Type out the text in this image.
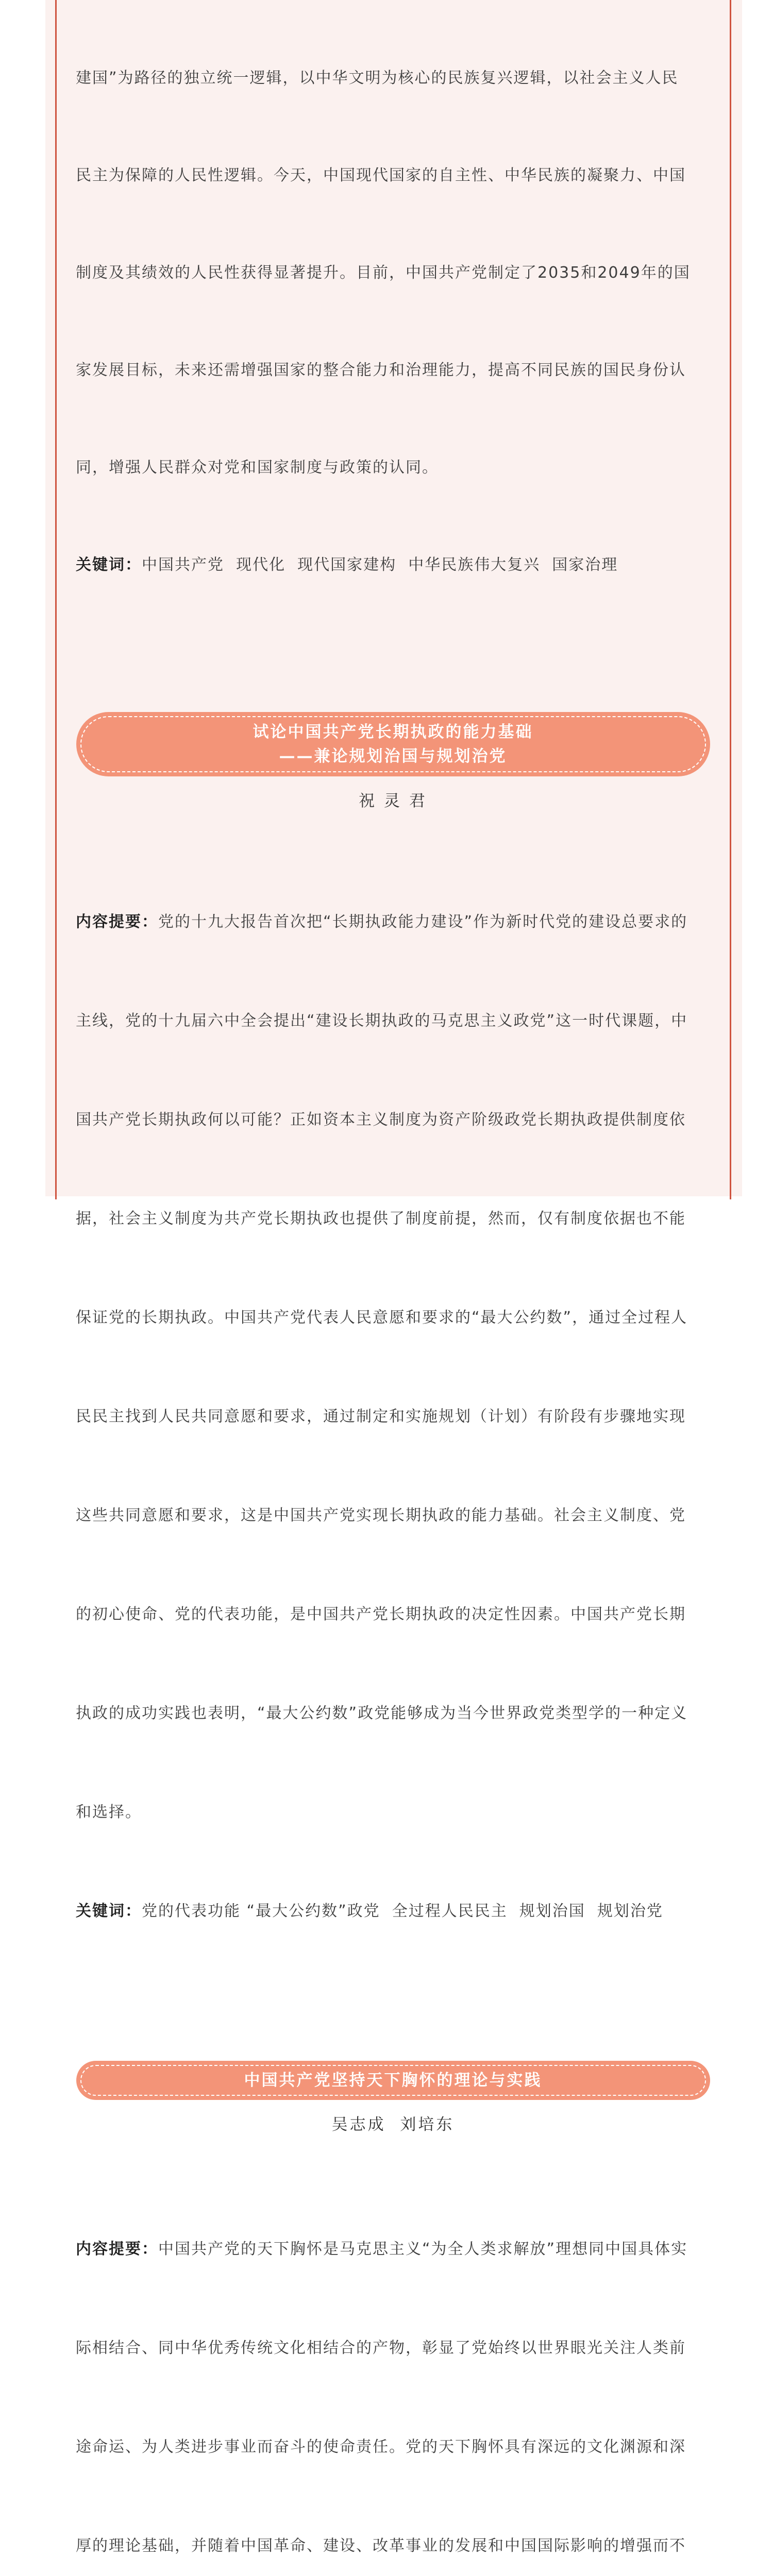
建国”为路径的独立统一逻辑，以中华文明为核心的民族复兴逻辑，以社会主义人民

民主为保障的人民性逻辑。今天，中国现代国家的自主性、中华民族的凝聚力、中国

制度及其绩效的人民性获得显著提升。目前，中国共产党制定了2035和2049年的国

家发展目标，未来还需增强国家的整合能力和治理能力，提高不同民族的国民身份认

同，增强人民群众对党和国家制度与政策的认同。

关键词：中国共产党  现代化  现代国家建构  中华民族伟大复兴  国家治理

试论中国共产党长期执政的能力基础
——兼论规划治国与规划治党
祝 灵 君

内容提要：党的十九大报告首次把“长期执政能力建设”作为新时代党的建设总要求的

主线，党的十九届六中全会提出“建设长期执政的马克思主义政党”这一时代课题，中

国共产党长期执政何以可能？正如资本主义制度为资产阶级政党长期执政提供制度依

据，社会主义制度为共产党长期执政也提供了制度前提，然而，仅有制度依据也不能

保证党的长期执政。中国共产党代表人民意愿和要求的“最大公约数”，通过全过程人

民民主找到人民共同意愿和要求，通过制定和实施规划（计划）有阶段有步骤地实现

这些共同意愿和要求，这是中国共产党实现长期执政的能力基础。社会主义制度、党

的初心使命、党的代表功能，是中国共产党长期执政的决定性因素。中国共产党长期

执政的成功实践也表明，“最大公约数”政党能够成为当今世界政党类型学的一种定义

和选择。

关键词：党的代表功能 “最大公约数”政党  全过程人民民主  规划治国  规划治党

中国共产党坚持天下胸怀的理论与实践
吴志成  刘培东

内容提要：中国共产党的天下胸怀是马克思主义“为全人类求解放”理想同中国具体实

际相结合、同中华优秀传统文化相结合的产物，彰显了党始终以世界眼光关注人类前

途命运、为人类进步事业而奋斗的使命责任。党的天下胸怀具有深远的文化渊源和深

厚的理论基础，并随着中国革命、建设、改革事业的发展和中国国际影响的增强而不
